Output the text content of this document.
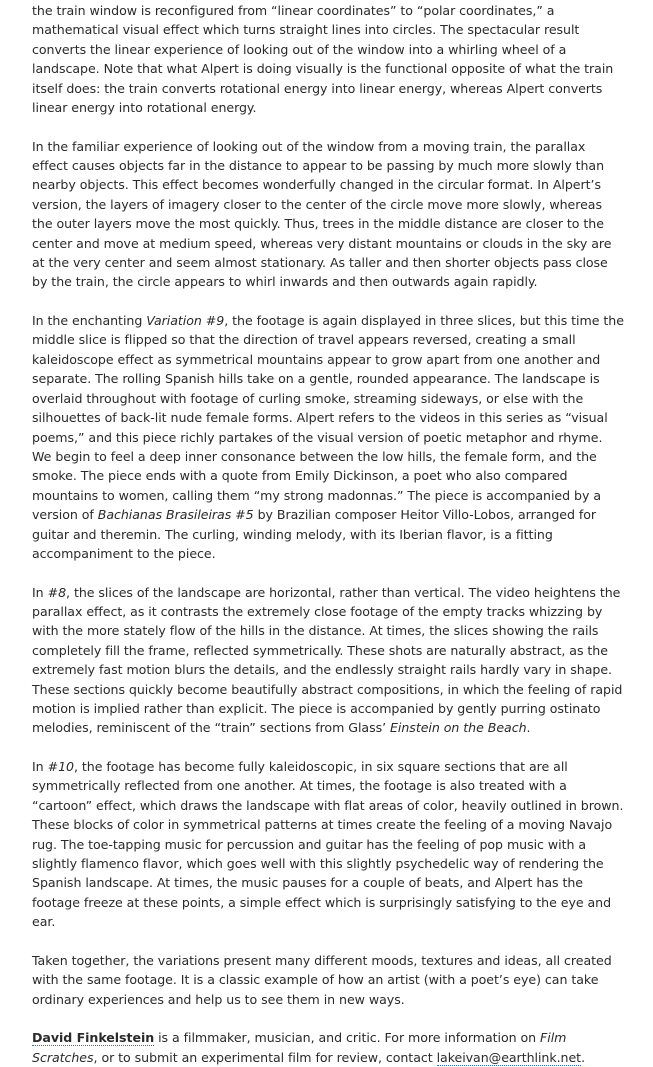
the train window is reconfigured from “linear coordinates” to “polar coordinates,” a mathematical visual effect which turns straight lines into circles. The spectacular result converts the linear experience of looking out of the window into a whirling wheel of a landscape. Note that what Alpert is doing visually is the functional opposite of what the train itself does: the train converts rotational energy into linear energy, whereas Alpert converts linear energy into rotational energy.

In the familiar experience of looking out of the window from a moving train, the parallax effect causes objects far in the distance to appear to be passing by much more slowly than nearby objects. This effect becomes wonderfully changed in the circular format. In Alpert’s version, the layers of imagery closer to the center of the circle move more slowly, whereas the outer layers move the most quickly. Thus, trees in the middle distance are closer to the center and move at medium speed, whereas very distant mountains or clouds in the sky are at the very center and seem almost stationary. As taller and then shorter objects pass close by the train, the circle appears to whirl inwards and then outwards again rapidly.

In the enchanting Variation #9, the footage is again displayed in three slices, but this time the middle slice is flipped so that the direction of travel appears reversed, creating a small kaleidoscope effect as symmetrical mountains appear to grow apart from one another and separate. The rolling Spanish hills take on a gentle, rounded appearance. The landscape is overlaid throughout with footage of curling smoke, streaming sideways, or else with the silhouettes of back-lit nude female forms. Alpert refers to the videos in this series as “visual poems,” and this piece richly partakes of the visual version of poetic metaphor and rhyme. We begin to feel a deep inner consonance between the low hills, the female form, and the smoke. The piece ends with a quote from Emily Dickinson, a poet who also compared mountains to women, calling them “my strong madonnas.” The piece is accompanied by a version of Bachianas Brasileiras #5 by Brazilian composer Heitor Villo-Lobos, arranged for guitar and theremin. The curling, winding melody, with its Iberian flavor, is a fitting accompaniment to the piece.

In #8, the slices of the landscape are horizontal, rather than vertical. The video heightens the parallax effect, as it contrasts the extremely close footage of the empty tracks whizzing by with the more stately flow of the hills in the distance. At times, the slices showing the rails completely fill the frame, reflected symmetrically. These shots are naturally abstract, as the extremely fast motion blurs the details, and the endlessly straight rails hardly vary in shape. These sections quickly become beautifully abstract compositions, in which the feeling of rapid motion is implied rather than explicit. The piece is accompanied by gently purring ostinato melodies, reminiscent of the “train” sections from Glass’ Einstein on the Beach.

In #10, the footage has become fully kaleidoscopic, in six square sections that are all symmetrically reflected from one another. At times, the footage is also treated with a “cartoon” effect, which draws the landscape with flat areas of color, heavily outlined in brown. These blocks of color in symmetrical patterns at times create the feeling of a moving Navajo rug. The toe-tapping music for percussion and guitar has the feeling of pop music with a slightly flamenco flavor, which goes well with this slightly psychedelic way of rendering the Spanish landscape. At times, the music pauses for a couple of beats, and Alpert has the footage freeze at these points, a simple effect which is surprisingly satisfying to the eye and ear.

Taken together, the variations present many different moods, textures and ideas, all created with the same footage. It is a classic example of how an artist (with a poet’s eye) can take ordinary experiences and help us to see them in new ways.

David Finkelstein is a filmmaker, musician, and critic. For more information on Film Scratches, or to submit an experimental film for review, contact lakeivan@earthlink.net.
